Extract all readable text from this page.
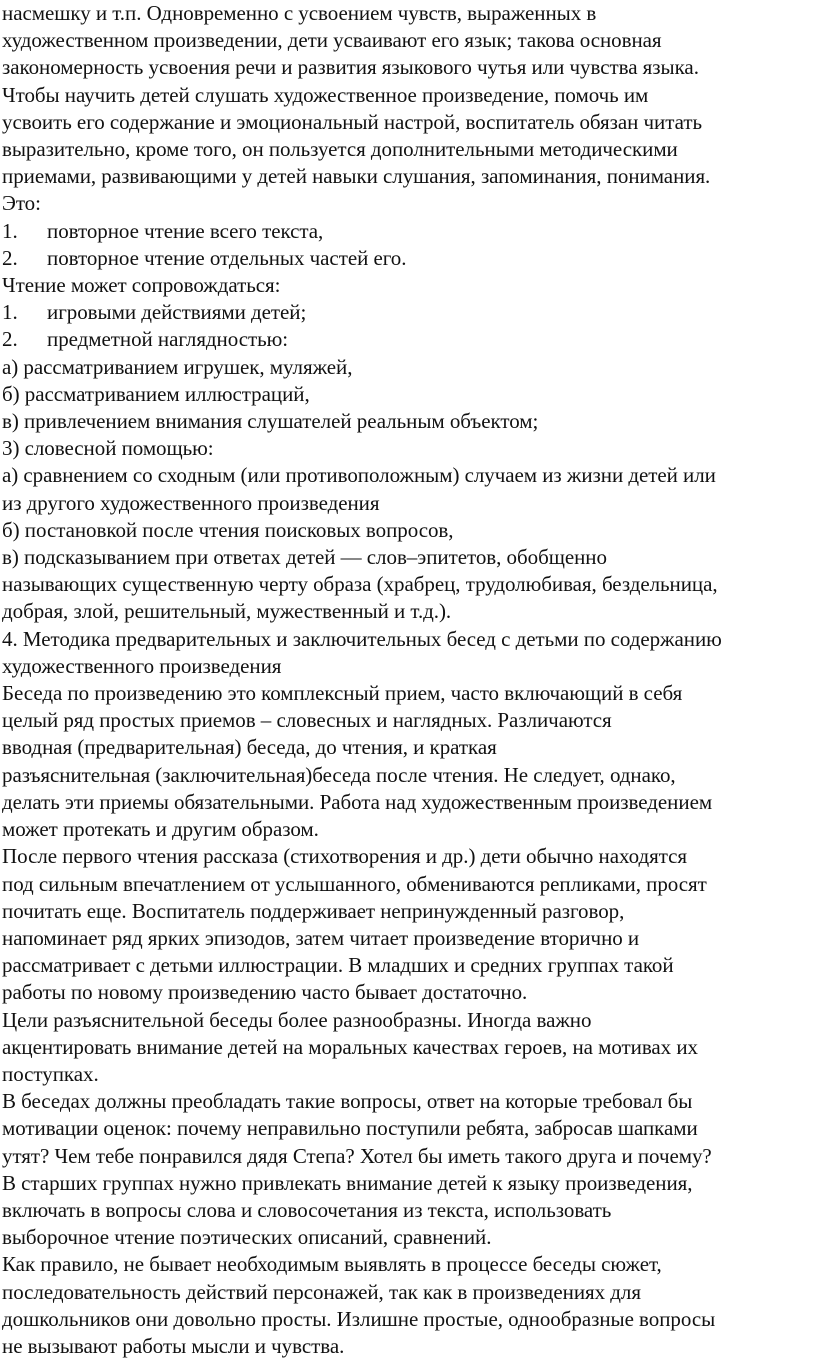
насмешку и т.п. Одновременно с усвоением чувств, выраженных в
художественном произведении, дети усваивают его язык; такова основная
закономерность усвоения речи и развития языкового чутья или чувства языка.
Чтобы научить детей слушать художественное произведение, помочь им
усвоить его содержание и эмоциональный настрой, воспитатель обязан читать
выразительно, кроме того, он пользуется дополнительными методическими
приемами, развивающими у детей навыки слушания, запоминания, понимания.
Это:
1. повторное чтение всего текста,
2. повторное чтение отдельных частей его.
Чтение может сопровождаться:
1. игровыми действиями детей;
2. предметной наглядностью:
а) рассматриванием игрушек, муляжей,
б) рассматриванием иллюстраций,
в) привлечением внимания слушателей реальным объектом;
3) словесной помощью:
а) сравнением со сходным (или противоположным) случаем из жизни детей или
из другого художественного произведения
б) постановкой после чтения поисковых вопросов,
в) подсказыванием при ответах детей — слов–эпитетов, обобщенно
называющих существенную черту образа (храбрец, трудолюбивая, бездельница,
добрая, злой, решительный, мужественный и т.д.).
4. Методика предварительных и заключительных бесед с детьми по содержанию
художественного произведения
Беседа по произведению это комплексный прием, часто включающий в себя
целый ряд простых приемов – словесных и наглядных. Различаются
вводная (предварительная) беседа, до чтения, и краткая
разъяснительная (заключительная)беседа после чтения. Не следует, однако,
делать эти приемы обязательными. Работа над художественным произведением
может протекать и другим образом.
После первого чтения рассказа (стихотворения и др.) дети обычно находятся
под сильным впечатлением от услышанного, обмениваются репликами, просят
почитать еще. Воспитатель поддерживает непринужденный разговор,
напоминает ряд ярких эпизодов, затем читает произведение вторично и
рассматривает с детьми иллюстрации. В младших и средних группах такой
работы по новому произведению часто бывает достаточно.
Цели разъяснительной беседы более разнообразны. Иногда важно
акцентировать внимание детей на моральных качествах героев, на мотивах их
поступках.
В беседах должны преобладать такие вопросы, ответ на которые требовал бы
мотивации оценок: почему неправильно поступили ребята, забросав шапками
утят? Чем тебе понравился дядя Степа? Хотел бы иметь такого друга и почему?
В старших группах нужно привлекать внимание детей к языку произведения,
включать в вопросы слова и словосочетания из текста, использовать
выборочное чтение поэтических описаний, сравнений.
Как правило, не бывает необходимым выявлять в процессе беседы сюжет,
последовательность действий персонажей, так как в произведениях для
дошкольников они довольно просты. Излишне простые, однообразные вопросы
не вызывают работы мысли и чувства.
